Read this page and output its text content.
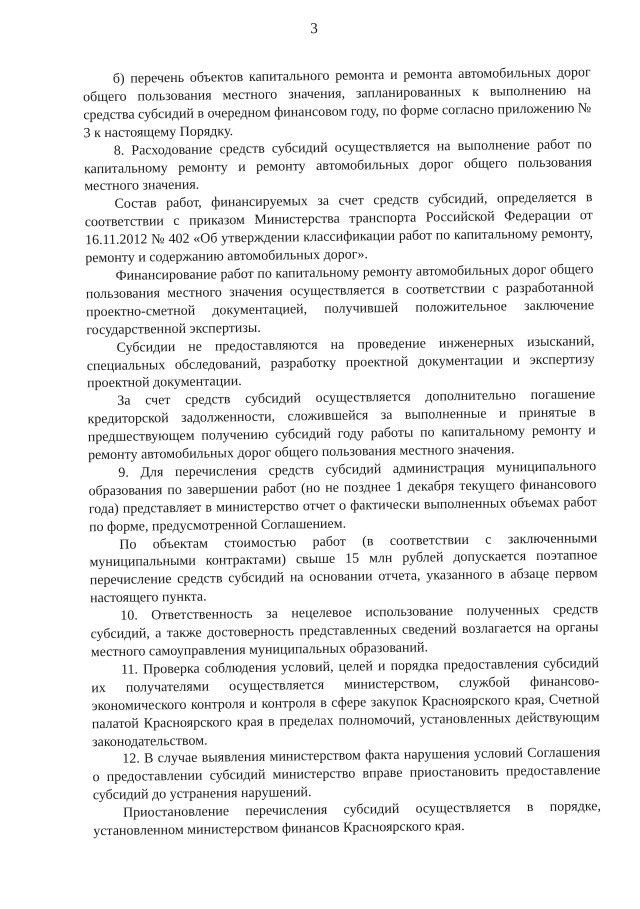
3

б) перечень объектов капитального ремонта и ремонта автомобильных дорог общего пользования местного значения, запланированных к выполнению на средства субсидий в очередном финансовом году, по форме согласно приложению № 3 к настоящему Порядку.

8. Расходование средств субсидий осуществляется на выполнение работ по капитальному ремонту и ремонту автомобильных дорог общего пользования местного значения.

Состав работ, финансируемых за счет средств субсидий, определяется в соответствии с приказом Министерства транспорта Российской Федерации от 16.11.2012 № 402 «Об утверждении классификации работ по капитальному ремонту, ремонту и содержанию автомобильных дорог».

Финансирование работ по капитальному ремонту автомобильных дорог общего пользования местного значения осуществляется в соответствии с разработанной проектно-сметной документацией, получившей положительное заключение государственной экспертизы.

Субсидии не предоставляются на проведение инженерных изысканий, специальных обследований, разработку проектной документации и экспертизу проектной документации.

За счет средств субсидий осуществляется дополнительно погашение кредиторской задолженности, сложившейся за выполненные и принятые в предшествующем получению субсидий году работы по капитальному ремонту и ремонту автомобильных дорог общего пользования местного значения.

9. Для перечисления средств субсидий администрация муниципального образования по завершении работ (но не позднее 1 декабря текущего финансового года) представляет в министерство отчет о фактически выполненных объемах работ по форме, предусмотренной Соглашением.

По объектам стоимостью работ (в соответствии с заключенными муниципальными контрактами) свыше 15 млн рублей допускается поэтапное перечисление средств субсидий на основании отчета, указанного в абзаце первом настоящего пункта.

10. Ответственность за нецелевое использование полученных средств субсидий, а также достоверность представленных сведений возлагается на органы местного самоуправления муниципальных образований.

11. Проверка соблюдения условий, целей и порядка предоставления субсидий их получателями осуществляется министерством, службой финансово-экономического контроля и контроля в сфере закупок Красноярского края, Счетной палатой Красноярского края в пределах полномочий, установленных действующим законодательством.

12. В случае выявления министерством факта нарушения условий Соглашения о предоставлении субсидий министерство вправе приостановить предоставление субсидий до устранения нарушений.

Приостановление перечисления субсидий осуществляется в порядке, установленном министерством финансов Красноярского края.
